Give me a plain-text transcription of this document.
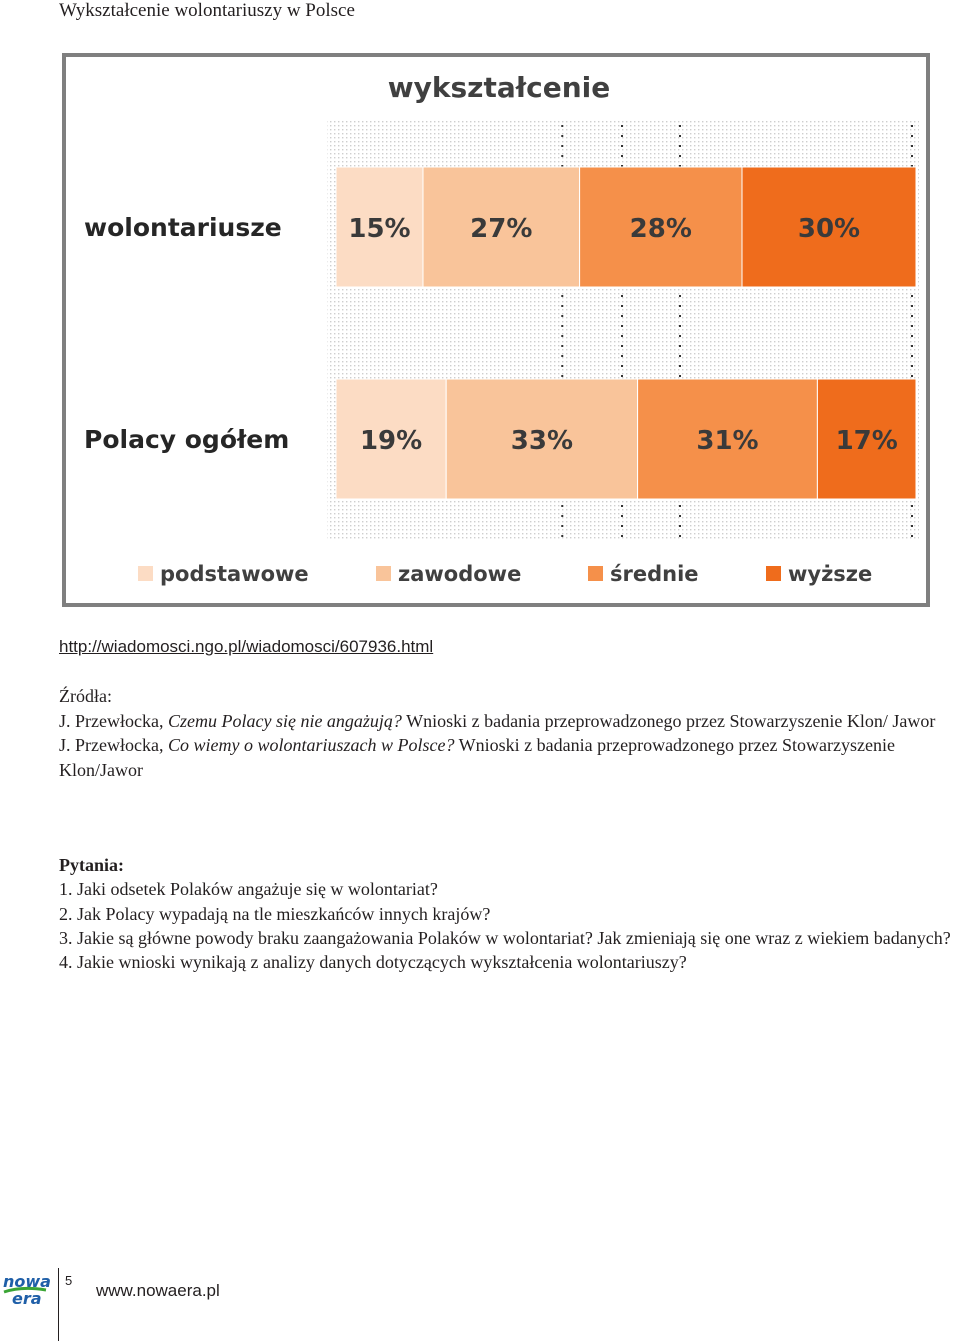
Wykształcenie wolontariuszy w Polsce
wykształcenie
15% 27%	28%	30%
19%	33%	31%	17%
wolontariusze
Polacy ogółem
podstawowe	zawodowe	średnie	wyższe
http://wiadomosci.ngo.pl/wiadomosci/607936.html

Źródła:

J. Przewłocka, Czemu Polacy się nie angażują? Wnioski z badania przeprowadzonego przez Stowarzyszenie Klon/ Jawor

J. Przewłocka, Co wiemy o wolontariuszach w Polsce? Wnioski z badania przeprowadzonego przez Stowarzyszenie Klon/Jawor

Pytania:
1. Jaki odsetek Polaków angażuje się w wolontariat?
2. Jak Polacy wypadają na tle mieszkańców innych krajów?
3. Jakie są główne powody braku zaangażowania Polaków w wolontariat? Jak zmieniają się one wraz z wiekiem badanych?
4. Jakie wnioski wynikają z analizy danych dotyczących wykształcenia wolontariuszy?
nowa
era
5
www.nowaera.pl
